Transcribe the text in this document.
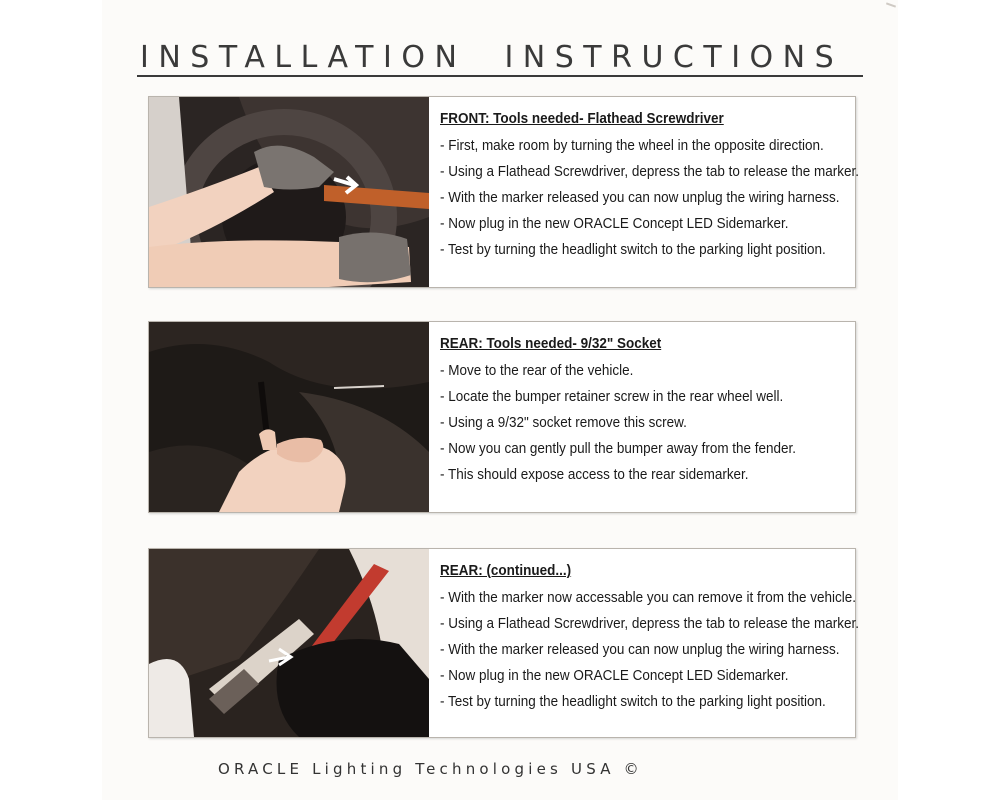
INSTALLATION  INSTRUCTIONS
FRONT: Tools needed- Flathead Screwdriver
- First, make room by turning the wheel in the opposite direction.
- Using a Flathead Screwdriver, depress the tab to release the marker.
- With the marker released you can now unplug the wiring harness.
- Now plug in the new ORACLE Concept LED Sidemarker.
- Test by turning the headlight switch to the parking light position.
REAR: Tools needed- 9/32" Socket
- Move to the rear of the vehicle.
- Locate the bumper retainer screw in the rear wheel well.
- Using a 9/32" socket remove this screw.
- Now you can gently pull the bumper away from the fender.
- This should expose access to the rear sidemarker.
REAR: (continued...)
- With the marker now accessable you can remove it from the vehicle.
- Using a Flathead Screwdriver, depress the tab to release the marker.
- With the marker released you can now unplug the wiring harness.
- Now plug in the new ORACLE Concept LED Sidemarker.
- Test by turning the headlight switch to the parking light position.
ORACLE Lighting Technologies USA ©
